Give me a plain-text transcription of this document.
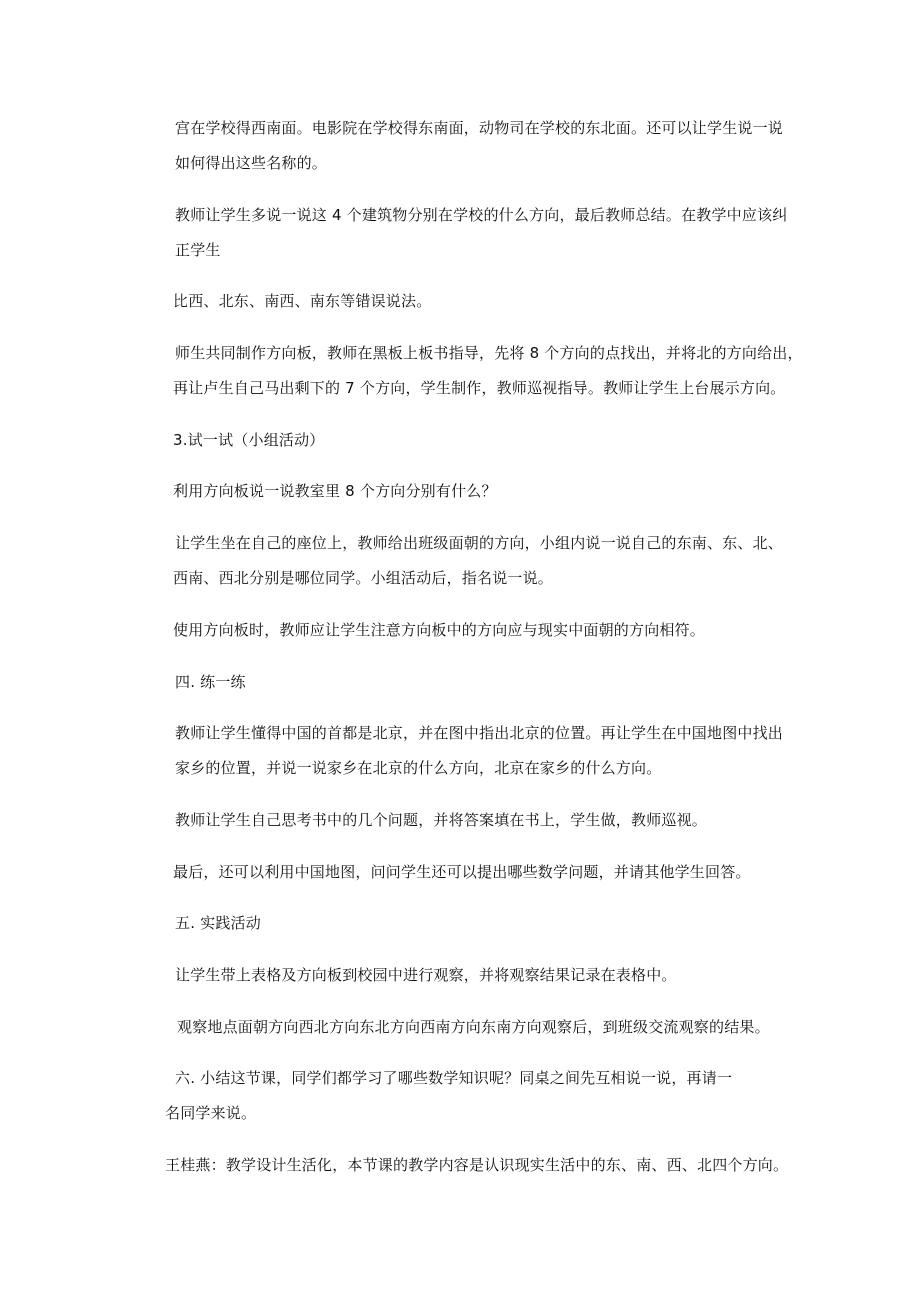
宫在学校得西南面。电影院在学校得东南面，动物司在学校的东北面。还可以让学生说一说
如何得出这些名称的。
教师让学生多说一说这 4 个建筑物分别在学校的什么方向，最后教师总结。在教学中应该纠
正学生
比西、北东、南西、南东等错误说法。
师生共同制作方向板，教师在黑板上板书指导，先将 8 个方向的点找出，并将北的方向给出，
再让卢生自己马出剩下的 7 个方向，学生制作，教师巡视指导。教师让学生上台展示方向。
3.试一试（小组活动）
利用方向板说一说教室里 8 个方向分别有什么？
让学生坐在自己的座位上，教师给出班级面朝的方向，小组内说一说自己的东南、东、北、
西南、西北分别是哪位同学。小组活动后，指名说一说。
使用方向板时，教师应让学生注意方向板中的方向应与现实中面朝的方向相符。
四. 练一练
教师让学生懂得中国的首都是北京，并在图中指出北京的位置。再让学生在中国地图中找出
家乡的位置，并说一说家乡在北京的什么方向，北京在家乡的什么方向。
教师让学生自己思考书中的几个问题，并将答案填在书上，学生做，教师巡视。
最后，还可以利用中国地图，问问学生还可以提出哪些数学问题，并请其他学生回答。
五. 实践活动
让学生带上表格及方向板到校园中进行观察，并将观察结果记录在表格中。
观察地点面朝方向西北方向东北方向西南方向东南方向观察后，到班级交流观察的结果。
六. 小结这节课，同学们都学习了哪些数学知识呢？同桌之间先互相说一说，再请一
名同学来说。
王桂燕：教学设计生活化，本节课的教学内容是认识现实生活中的东、南、西、北四个方向。
